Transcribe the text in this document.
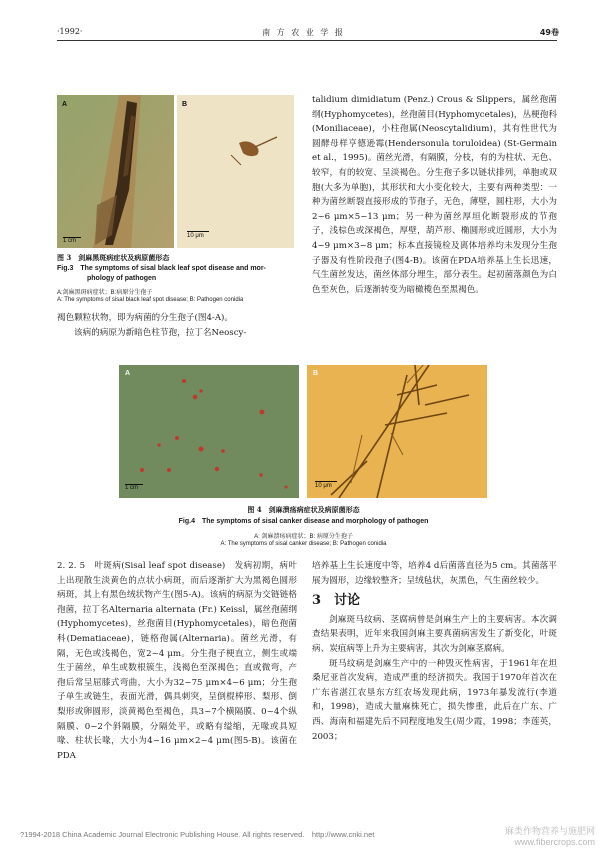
·1992·	南 方 农 业 学 报	49卷
A
1 cm
B
10 μm
图 3　剑麻黑斑病症状及病原菌形态
Fig.3　The symptoms of sisal black leaf spot disease and mor-
phology of pathogen
A:剑麻黑斑病症状；B:病原分生孢子
A: The symptoms of sisal black leaf spot disease; B: Pathogen conidia

褐色颗粒状物，即为病菌的分生孢子(图4-A)。

该病的病原为新暗色柱节孢，拉丁名Neoscy-

talidium dimidiatum (Penz.) Crous & Slippers，属丝孢菌纲(Hyphomycetes)，丝孢菌目(Hyphomycetales)，丛梗孢科(Moniliaceae)，小柱孢属(Neoscytalidium)，其有性世代为圆酵母样亨德逊霉(Hendersonula toruloidea) (St-Germain et al.，1995)。菌丝光滑，有隔膜，分枝，有的为柱状、无色、较窄，有的较宽、呈淡褐色。分生孢子多以链状排列，单胞或双胞(大多为单胞)，其形状和大小变化较大，主要有两种类型：一种为菌丝断裂直接形成的节孢子，无色，薄壁，圆柱形，大小为2~6 μm×5~13 μm；另一种为菌丝厚垣化断裂形成的节孢子，浅棕色或深褐色，厚壁，葫芦形、椭圆形或近圆形，大小为4~9 μm×3~8 μm；标本直接镜检及离体培养均未发现分生孢子器及有性阶段孢子(图4-B)。该菌在PDA培养基上生长迅速，气生菌丝发达，菌丝体部分埋生，部分表生。起初菌落颜色为白色至灰色，后逐渐转变为暗橄榄色至黑褐色。

A
1 cm
B
10 μm
图 4　剑麻溃疡病症状及病原菌形态
Fig.4　The symptoms of sisal canker disease and morphology of pathogen
A: 剑麻溃疡病症状；B: 病原分生孢子
A: The symptoms of sisal canker disease; B: Pathogen conidia

2. 2. 5　叶斑病(Sisal leaf spot disease)　发病初期，病叶上出现散生淡黄色的点状小病斑，而后逐渐扩大为黑褐色圆形病斑，其上有黑色绒状物产生(图5-A)。该病的病原为交链链格孢菌，拉丁名Alternaria alternata (Fr.) Keissl，属丝孢菌纲(Hyphomycetes)，丝孢菌目(Hyphomycetales)，暗色孢菌科(Dematiaceae)，链格孢属(Alternaria)。菌丝光滑，有隔，无色或浅褐色，宽2~4 μm。分生孢子梗直立，侧生或端生于菌丝，单生或数根簇生，浅褐色至深褐色；直或微弯，产孢后常呈屈膝式弯曲，大小为32~75 μm×4~6 μm；分生孢子单生或链生，表面光滑，偶具刺突，呈倒棍棒形、梨形、倒梨形或卵圆形，淡黄褐色至褐色，具3~7个横隔膜、0~4个纵隔膜、0~2个斜隔膜，分隔处平，或略有缢缩，无喙或具短喙、柱状长喙，大小为4~16 μm×2~4 μm(图5-B)。该菌在PDA

培养基上生长速度中等，培养4 d后菌落直径为5 cm。其菌落平展为圆形，边缘较整齐；呈绒毡状，灰黑色，气生菌丝较少。

3　讨论

剑麻斑马纹病、茎腐病曾是剑麻生产上的主要病害。本次调查结果表明，近年来我国剑麻主要真菌病害发生了新变化，叶斑病、炭疽病等上升为主要病害，其次为剑麻茎腐病。

斑马纹病是剑麻生产中的一种毁灭性病害，于1961年在坦桑尼亚首次发病，造成严重的经济损失。我国于1970年首次在广东省湛江农垦东方红农场发现此病，1973年暴发流行(李道和，1998)，造成大量麻株死亡，损失惨重，此后在广东、广西、海南和福建先后不同程度地发生(周少霞，1998；李莲英，2003；

?1994-2018 China Academic Journal Electronic Publishing House. All rights reserved.　http://www.cnki.net	麻类作物营养与施肥网
www.fibercrops.com
